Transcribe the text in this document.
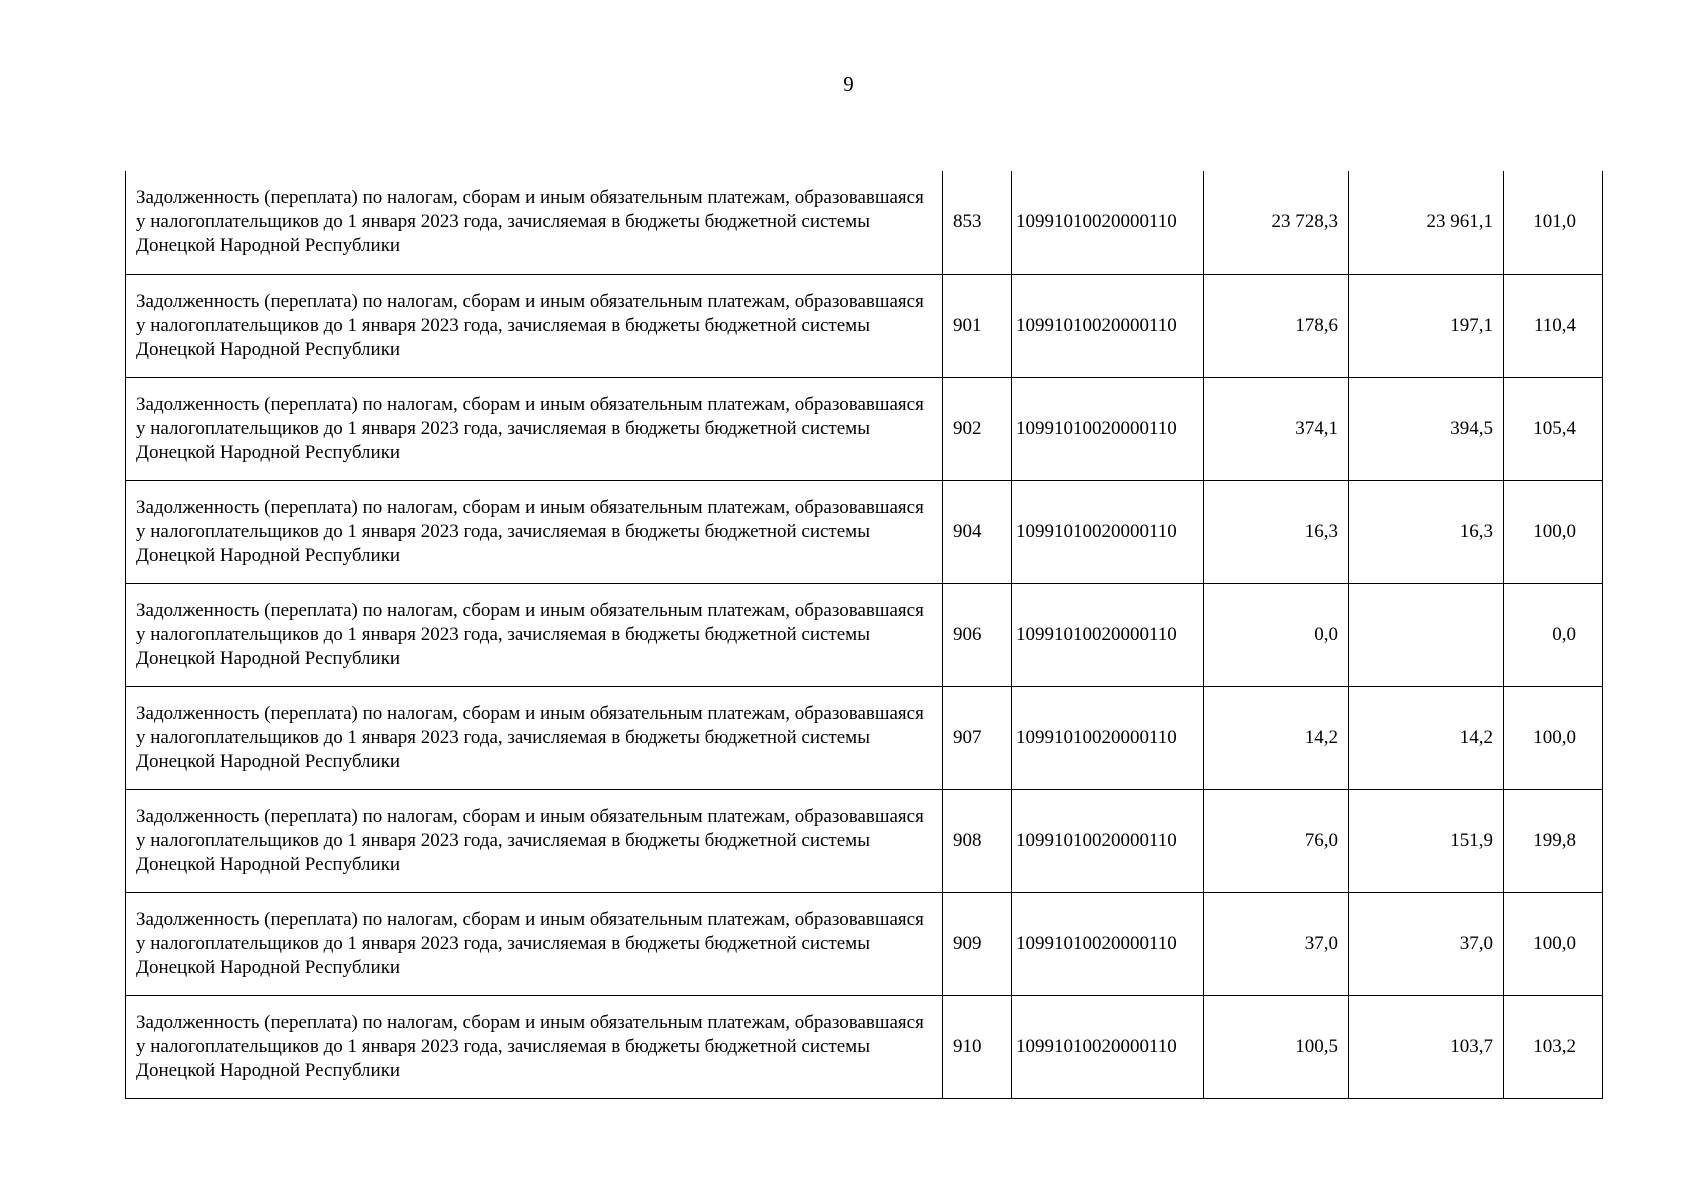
9
Задолженность (переплата) по налогам, сборам и иным обязательным платежам, образовавшаяся у налогоплательщиков до 1 января 2023 года, зачисляемая в бюджеты бюджетной системы Донецкой Народной Республики	853	10991010020000110	23 728,3	23 961,1	101,0
Задолженность (переплата) по налогам, сборам и иным обязательным платежам, образовавшаяся у налогоплательщиков до 1 января 2023 года, зачисляемая в бюджеты бюджетной системы Донецкой Народной Республики	901	10991010020000110	178,6	197,1	110,4
Задолженность (переплата) по налогам, сборам и иным обязательным платежам, образовавшаяся у налогоплательщиков до 1 января 2023 года, зачисляемая в бюджеты бюджетной системы Донецкой Народной Республики	902	10991010020000110	374,1	394,5	105,4
Задолженность (переплата) по налогам, сборам и иным обязательным платежам, образовавшаяся у налогоплательщиков до 1 января 2023 года, зачисляемая в бюджеты бюджетной системы Донецкой Народной Республики	904	10991010020000110	16,3	16,3	100,0
Задолженность (переплата) по налогам, сборам и иным обязательным платежам, образовавшаяся у налогоплательщиков до 1 января 2023 года, зачисляемая в бюджеты бюджетной системы Донецкой Народной Республики	906	10991010020000110	0,0		0,0
Задолженность (переплата) по налогам, сборам и иным обязательным платежам, образовавшаяся у налогоплательщиков до 1 января 2023 года, зачисляемая в бюджеты бюджетной системы Донецкой Народной Республики	907	10991010020000110	14,2	14,2	100,0
Задолженность (переплата) по налогам, сборам и иным обязательным платежам, образовавшаяся у налогоплательщиков до 1 января 2023 года, зачисляемая в бюджеты бюджетной системы Донецкой Народной Республики	908	10991010020000110	76,0	151,9	199,8
Задолженность (переплата) по налогам, сборам и иным обязательным платежам, образовавшаяся у налогоплательщиков до 1 января 2023 года, зачисляемая в бюджеты бюджетной системы Донецкой Народной Республики	909	10991010020000110	37,0	37,0	100,0
Задолженность (переплата) по налогам, сборам и иным обязательным платежам, образовавшаяся у налогоплательщиков до 1 января 2023 года, зачисляемая в бюджеты бюджетной системы Донецкой Народной Республики	910	10991010020000110	100,5	103,7	103,2
